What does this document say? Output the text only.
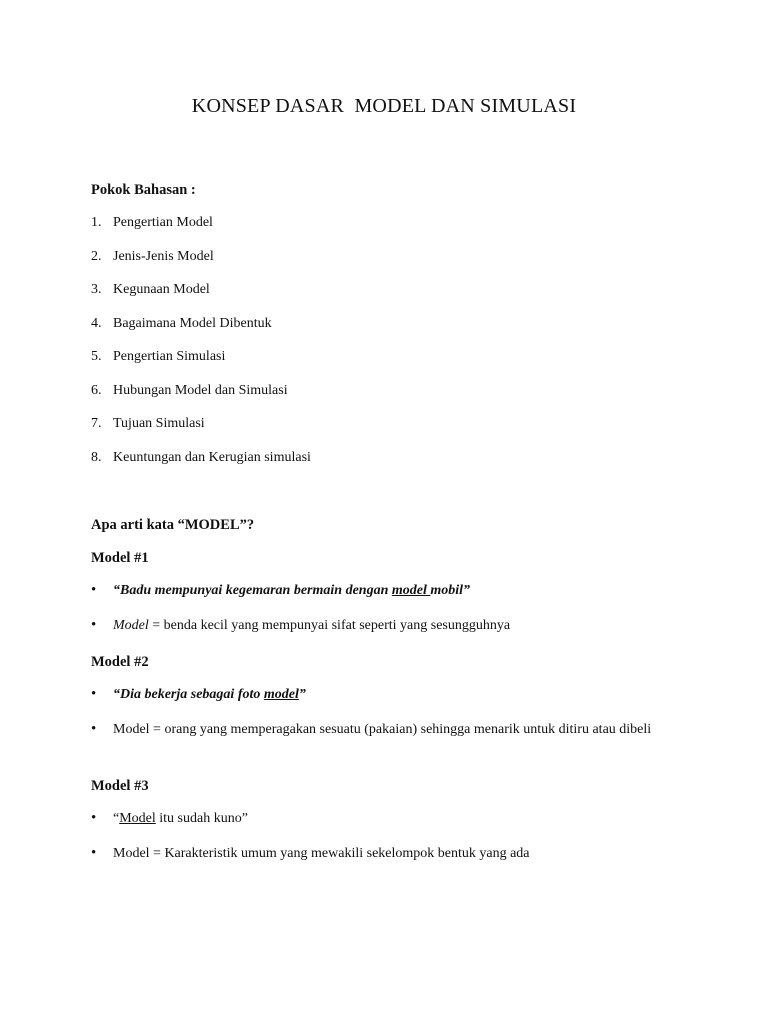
KONSEP DASAR  MODEL DAN SIMULASI

Pokok Bahasan :

1. Pengertian Model
2. Jenis-Jenis Model
3. Kegunaan Model
4. Bagaimana Model Dibentuk
5. Pengertian Simulasi
6. Hubungan Model dan Simulasi
7. Tujuan Simulasi
8. Keuntungan dan Kerugian simulasi

Apa arti kata “MODEL”?

Model #1

•	“Badu mempunyai kegemaran bermain dengan model mobil”
•	Model = benda kecil yang mempunyai sifat seperti yang sesungguhnya

Model #2

•	“Dia bekerja sebagai foto model”
•	Model = orang yang memperagakan sesuatu (pakaian) sehingga menarik untuk ditiru atau dibeli

Model #3

•	“Model itu sudah kuno”
•	Model = Karakteristik umum yang mewakili sekelompok bentuk yang ada
